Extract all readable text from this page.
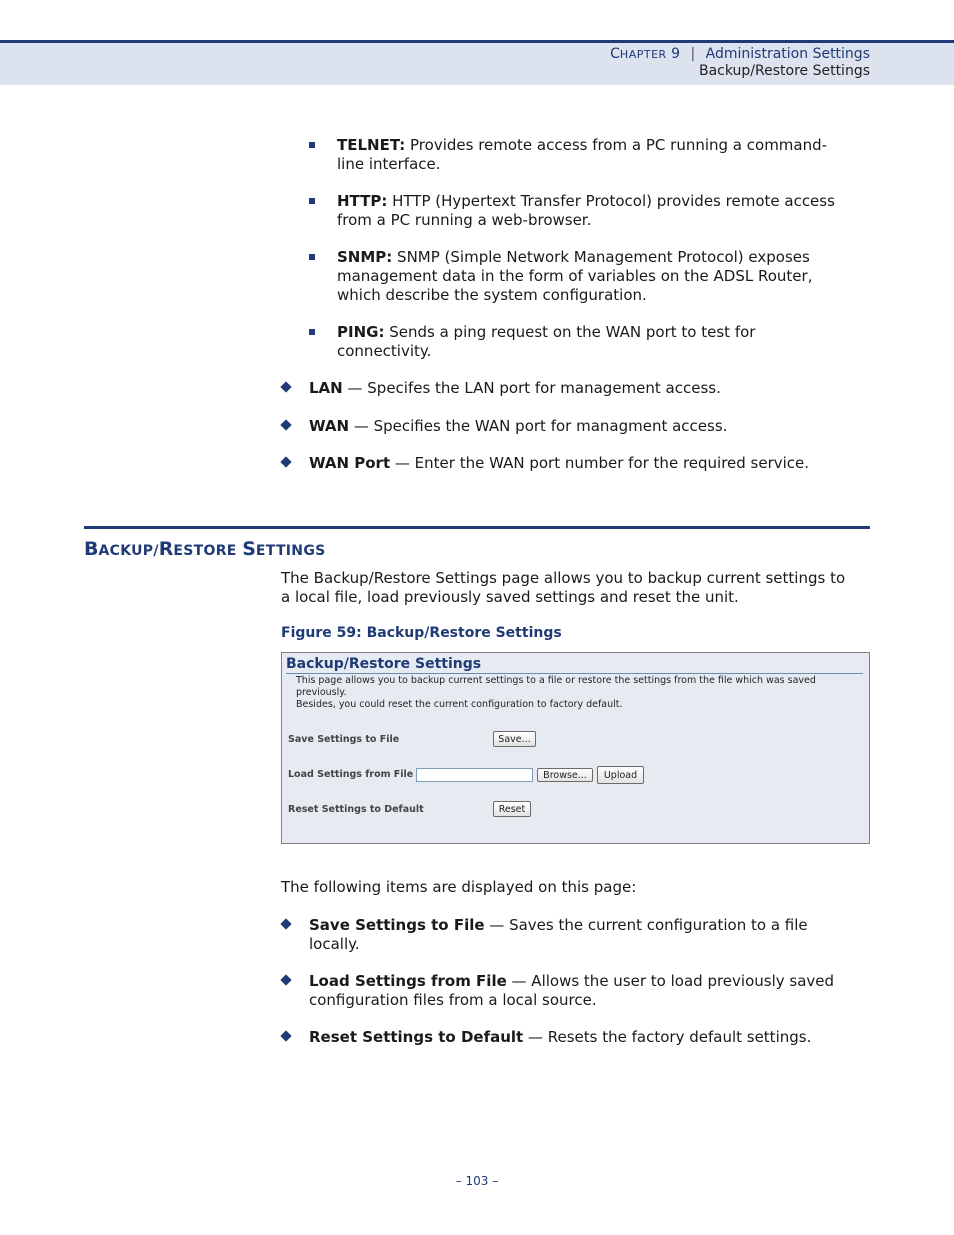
CHAPTER 9 | Administration Settings
Backup/Restore Settings
TELNET: Provides remote access from a PC running a command-
line interface.
HTTP: HTTP (Hypertext Transfer Protocol) provides remote access
from a PC running a web-browser.
SNMP: SNMP (Simple Network Management Protocol) exposes
management data in the form of variables on the ADSL Router,
which describe the system configuration.
PING: Sends a ping request on the WAN port to test for
connectivity.
LAN — Specifes the LAN port for management access.
WAN — Specifies the WAN port for managment access.
WAN Port — Enter the WAN port number for the required service.
BACKUP/RESTORE SETTINGS
The Backup/Restore Settings page allows you to backup current settings to
a local file, load previously saved settings and reset the unit.
Figure 59: Backup/Restore Settings
Backup/Restore Settings
This page allows you to backup current settings to a file or restore the settings from the file which was saved previously.
Besides, you could reset the current configuration to factory default.
Save Settings to File	Save...
Load Settings from File	Browse...	Upload
Reset Settings to Default	Reset
The following items are displayed on this page:
Save Settings to File — Saves the current configuration to a file
locally.
Load Settings from File — Allows the user to load previously saved
configuration files from a local source.
Reset Settings to Default — Resets the factory default settings.
– 103 –
